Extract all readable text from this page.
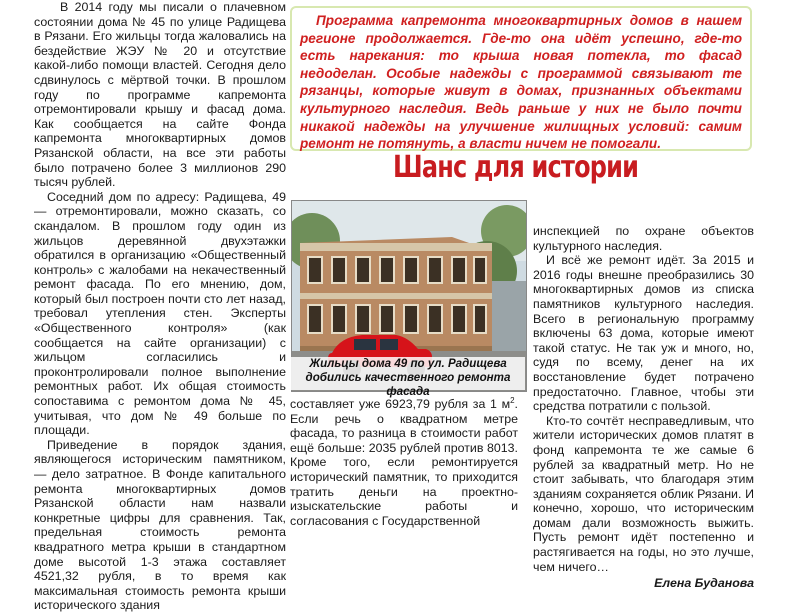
В 2014 году мы писали о плачевном состоянии дома № 45 по улице Радищева в Рязани. Его жильцы тогда жаловались на бездействие ЖЭУ № 20 и отсутствие какой-либо помощи властей. Сегодня дело сдвинулось с мёртвой точки. В прошлом году по программе капремонта отремонтировали крышу и фасад дома. Как сообщается на сайте Фонда капремонта многоквартирных домов Рязанской области, на все эти работы было потрачено более 3 миллионов 290 тысяч рублей.

Соседний дом по адресу: Радищева, 49 — отремонтировали, можно сказать, со скандалом. В прошлом году один из жильцов деревянной двухэтажки обратился в организацию «Общественный контроль» с жалобами на некачественный ремонт фасада. По его мнению, дом, который был построен почти сто лет назад, требовал утепления стен. Эксперты «Общественного контроля» (как сообщается на сайте организации) с жильцом согласились и проконтролировали полное выполнение ремонтных работ. Их общая стоимость сопоставима с ремонтом дома № 45, учитывая, что дом № 49 больше по площади.

Приведение в порядок здания, являющегося историческим памятником, — дело затратное. В Фонде капитального ремонта многоквартирных домов Рязанской области нам назвали конкретные цифры для сравнения. Так, предельная стоимость ремонта квадратного метра крыши в стандартном доме высотой 1-3 этажа составляет 4521,32 рубля, в то время как максимальная стоимость ремонта крыши исторического здания

Программа капремонта многоквартирных домов в нашем регионе продолжается. Где-то она идёт успешно, где-то есть нарекания: то крыша новая потекла, то фасад недоделан. Особые надежды с программой связывают те рязанцы, которые живут в домах, признанных объектами культурного наследия. Ведь раньше у них не было почти никакой надежды на улучшение жилищных условий: самим ремонт не потянуть, а власти ничем не помогали.
Шанс для истории
Жильцы дома 49 по ул. Радищева добились качественного ремонта фасада

составляет уже 6923,79 рубля за 1 $м^2$. Если речь о квадратном метре фасада, то разница в стоимости работ ещё больше: 2035 рублей против 8013. Кроме того, если ремонтируется исторический памятник, то приходится тратить деньги на проектно-изыскательские работы и согласования с Государственной

инспекцией по охране объектов культурного наследия.

И всё же ремонт идёт. За 2015 и 2016 годы внешне преобразились 30 многоквартирных домов из списка памятников культурного наследия. Всего в региональную программу включены 63 дома, которые имеют такой статус. Не так уж и много, но, судя по всему, денег на их восстановление будет потрачено предостаточно. Главное, чтобы эти средства потратили с пользой.

Кто-то сочтёт несправедливым, что жители исторических домов платят в фонд капремонта те же самые 6 рублей за квадратный метр. Но не стоит забывать, что благодаря этим зданиям сохраняется облик Рязани. И конечно, хорошо, что историческим домам дали возможность выжить. Пусть ремонт идёт постепенно и растягивается на годы, но это лучше, чем ничего…

Елена Буданова
